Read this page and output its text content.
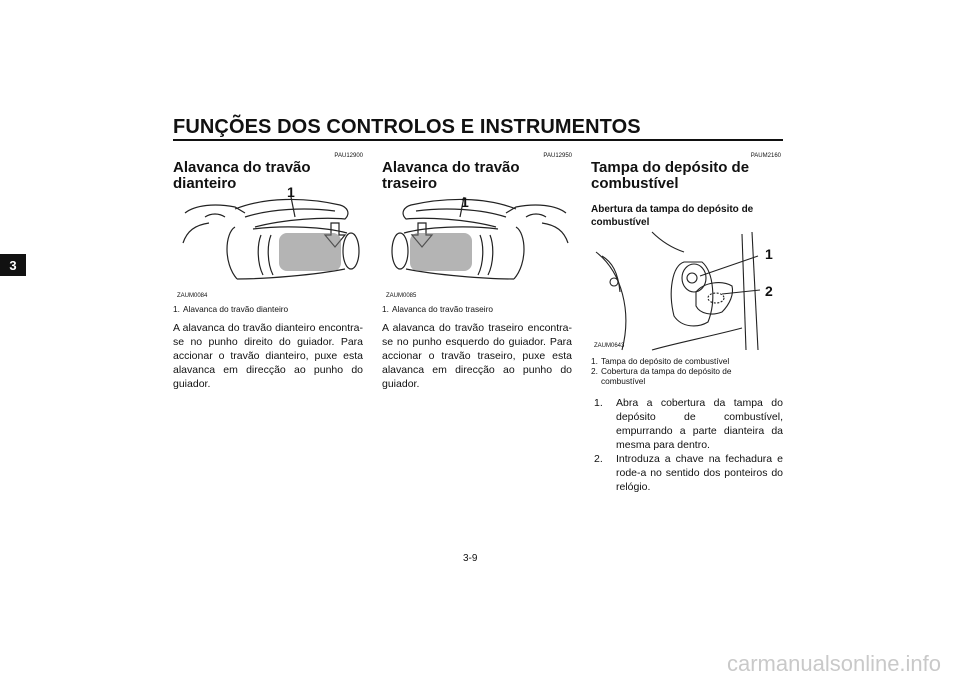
FUNÇÕES DOS CONTROLOS E INSTRUMENTOS
3
PAU12900
Alavanca do travão dianteiro	1
ZAUM0084
1. Alavanca do travão dianteiro
A alavanca do travão dianteiro encontra-se no punho direito do guiador. Para accionar o travão dianteiro, puxe esta alavanca em direcção ao punho do guiador.
PAU12950
Alavanca do travão traseiro
1
ZAUM0085
1. Alavanca do travão traseiro
A alavanca do travão traseiro encontra-se no punho esquerdo do guiador. Para accionar o travão traseiro, puxe esta alavanca em direcção ao punho do guiador.
PAUM2160
Tampa do depósito de combustível
Abertura da tampa do depósito de combustível
1
2
ZAUM0643
1. Tampa do depósito de combustível
2. Cobertura da tampa do depósito de combustível
1.	Abra a cobertura da tampa do depósito de combustível, empurrando a parte dianteira da mesma para dentro.
2.	Introduza a chave na fechadura e rode-a no sentido dos ponteiros do relógio.
3-9
carmanualsonline.info
